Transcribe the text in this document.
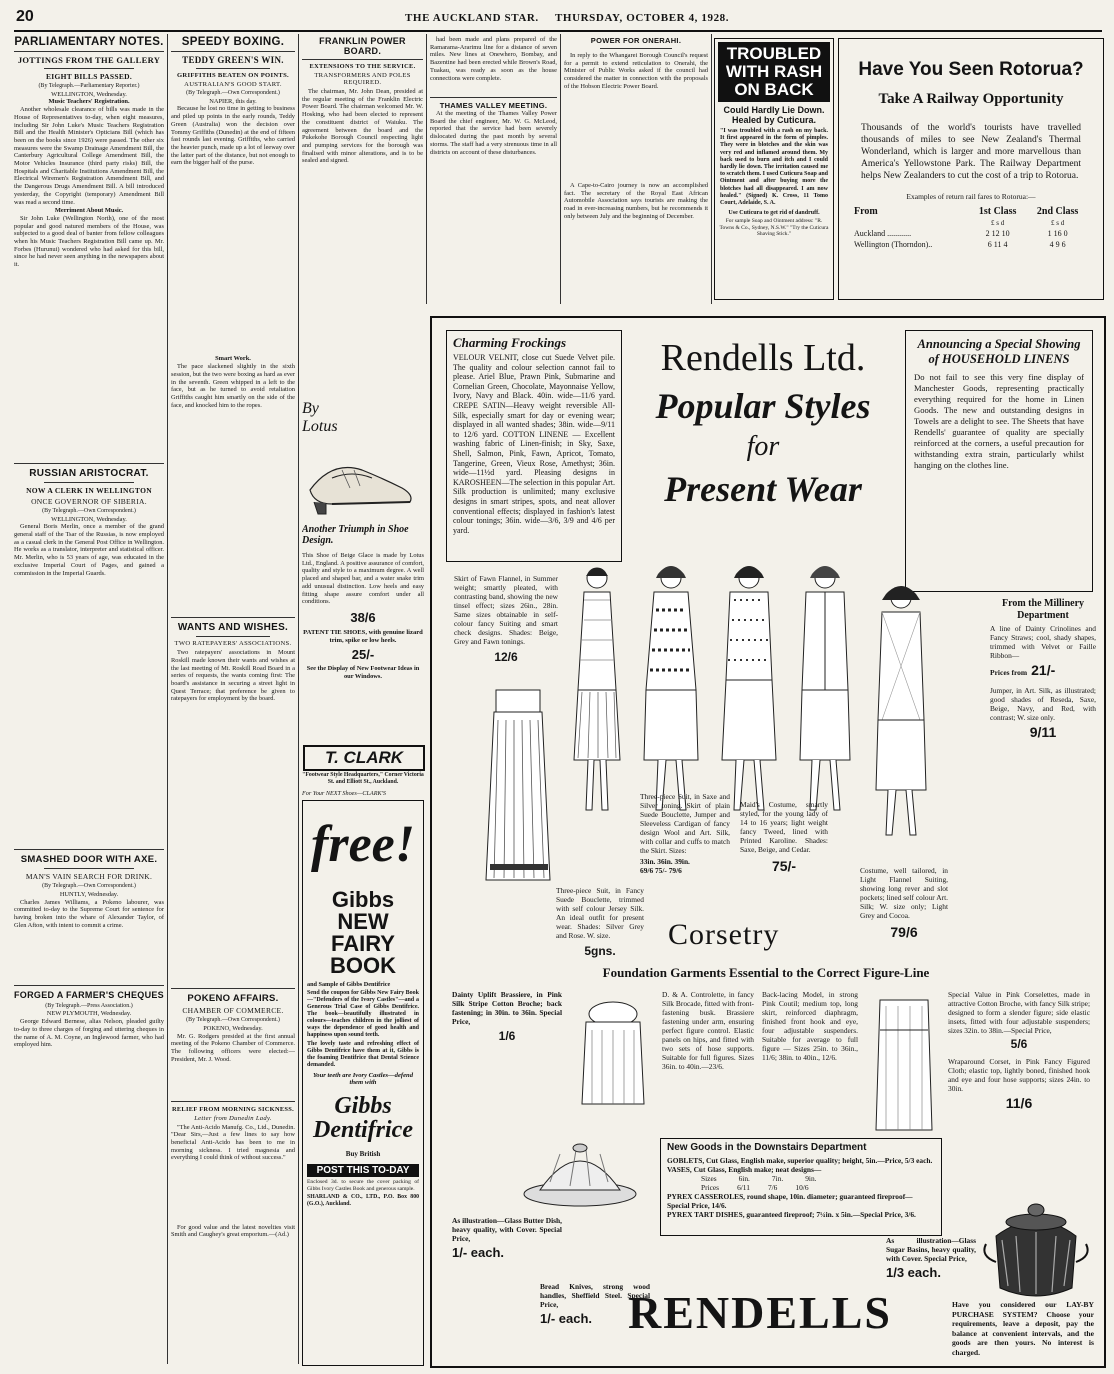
20	THE AUCKLAND STAR. THURSDAY, OCTOBER 4, 1928.
PARLIAMENTARY NOTES.
JOTTINGS FROM THE GALLERY
EIGHT BILLS PASSED.
(By Telegraph.—Parliamentary Reporter.)
WELLINGTON, Wednesday.
Music Teachers' Registration.

Another wholesale clearance of bills was made in the House of Representatives to-day, when eight measures, including Sir John Luke's Music Teachers Registration Bill and the Health Minister's Opticians Bill (which has been on the books since 1926) were passed. The other six measures were the Swamp Drainage Amendment Bill, the Canterbury Agricultural College Amendment Bill, the Motor Vehicles Insurance (third party risks) Bill, the Hospitals and Charitable Institutions Amendment Bill, the Electrical Wiremen's Registration Amendment Bill, and the Dangerous Drugs Amendment Bill. A bill introduced yesterday, the Copyright (temporary) Amendment Bill was read a second time.

Merriment About Music.

Sir John Luke (Wellington North), one of the most popular and good natured members of the House, was subjected to a good deal of banter from fellow colleagues when his Music Teachers Registration Bill came up. Mr. Forbes (Hurunui) wondered who had asked for this bill, since he had never seen anything in the newspapers about it.

RUSSIAN ARISTOCRAT.
NOW A CLERK IN WELLINGTON
ONCE GOVERNOR OF SIBERIA.
(By Telegraph.—Own Correspondent.)
WELLINGTON, Wednesday.

General Boris Merlin, once a member of the grand general staff of the Tsar of the Russias, is now employed as a casual clerk in the General Post Office in Wellington. He works as a translator, interpreter and statistical officer. Mr. Merlin, who is 53 years of age, was educated in the exclusive Imperial Court of Pages, and gained a commission in the Imperial Guards.

SMASHED DOOR WITH AXE.
MAN'S VAIN SEARCH FOR DRINK.
(By Telegraph.—Own Correspondent.)
HUNTLY, Wednesday.

Charles James Williams, a Pokeno labourer, was committed to-day to the Supreme Court for sentence for having broken into the whare of Alexander Taylor, of Glen Afton, with intent to commit a crime.

FORGED A FARMER'S CHEQUES
(By Telegraph.—Press Association.)
NEW PLYMOUTH, Wednesday.

George Edward Bernese, alias Nelson, pleaded guilty to-day to three charges of forging and uttering cheques in the name of A. M. Coyne, an Inglewood farmer, who had employed him.

SPEEDY BOXING.
TEDDY GREEN'S WIN.
GRIFFITHS BEATEN ON POINTS.
AUSTRALIAN'S GOOD START.
(By Telegraph.—Own Correspondent.)
NAPIER, this day.

Because he lost no time in getting to business and piled up points in the early rounds, Teddy Green (Australia) won the decision over Tommy Griffiths (Dunedin) at the end of fifteen fast rounds last evening. Griffiths, who carried the heavier punch, made up a lot of leeway over the latter part of the distance, but not enough to earn the bigger half of the purse.

Smart Work.

The pace slackened slightly in the sixth session, but the two were boxing as hard as ever in the seventh. Green whipped in a left to the face, but as he turned to avoid retaliation Griffiths caught him smartly on the side of the face, and knocked him to the ropes.

WANTS AND WISHES.
TWO RATEPAYERS' ASSOCIATIONS.

Two ratepayers' associations in Mount Roskill made known their wants and wishes at the last meeting of Mt. Roskill Road Board in a series of requests, the wants coming first: The board's assistance in securing a street light in Quest Terrace; that preference be given to ratepayers for employment by the board.

POKENO AFFAIRS.
CHAMBER OF COMMERCE.
(By Telegraph.—Own Correspondent.)
POKENO, Wednesday.

Mr. G. Rodgers presided at the first annual meeting of the Pokeno Chamber of Commerce. The following officers were elected:—President, Mr. J. Wood.

RELIEF FROM MORNING SICKNESS.
Letter from Dunedin Lady.

"The Anti-Acido Manufg. Co., Ltd., Dunedin. "Dear Sirs,—Just a few lines to say how beneficial Anti-Acido has been to me in morning sickness. I tried magnesia and everything I could think of without success."

For good value and the latest novelties visit Smith and Caughey's great emporium.—(Ad.)

FRANKLIN POWER BOARD.
EXTENSIONS TO THE SERVICE.
TRANSFORMERS AND POLES REQUIRED.

The chairman, Mr. John Dean, presided at the regular meeting of the Franklin Electric Power Board. The chairman welcomed Mr. W. Hosking, who had been elected to represent the constituent district of Waiuku. The agreement between the board and the Pukekohe Borough Council respecting light and pumping services for the borough was finalised with minor alterations, and is to be sealed and signed.

had been made and plans prepared of the Ramarama-Ararimu line for a distance of seven miles. New lines at Onewhero, Bombay, and Bazentine had been erected while Brown's Road, Tuakau, was ready as soon as the house connections were complete.

THAMES VALLEY MEETING.

At the meeting of the Thames Valley Power Board the chief engineer, Mr. W. G. McLeod, reported that the service had been severely dislocated during the past month by several storms. The staff had a very strenuous time in all districts on account of these disturbances.

POWER FOR ONERAHI.

In reply to the Whangarei Borough Council's request for a permit to extend reticulation to Onerahi, the Minister of Public Works asked if the council had considered the matter in connection with the proposals of the Hobson Electric Power Board.

A Cape-to-Cairo journey is now an accomplished fact. The secretary of the Royal East African Automobile Association says tourists are making the road in ever-increasing numbers, but he recommends it only between July and the beginning of December.

TROUBLED WITH RASH ON BACK
Could Hardly Lie Down. Healed by Cuticura.
"I was troubled with a rash on my back. It first appeared in the form of pimples. They were in blotches and the skin was very red and inflamed around them. My back used to burn and itch and I could hardly lie down. The irritation caused me to scratch them. I used Cuticura Soap and Ointment and after buying more the blotches had all disappeared. I am now healed." (Signed) K. Cross, 11 Tomo Court, Adelaide, S. A.
Use Cuticura to get rid of dandruff.
For sample Soap and Ointment address: "R. Towns & Co., Sydney, N.S.W." "Try the Cuticura Shaving Stick."
Have You Seen Rotorua?
Take A Railway Opportunity
Thousands of the world's tourists have travelled thousands of miles to see New Zealand's Thermal Wonderland, which is larger and more marvellous than America's Yellowstone Park. The Railway Department helps New Zealanders to cut the cost of a trip to Rotorua.
Examples of return rail fares to Rotorua:—
From	1st Class	2nd Class
	£ s d	£ s d
Auckland ............	2 12 10	1 16 0
Wellington (Thorndon)..	6 11 4	4 9 6
By
Lotus
Another Triumph in Shoe Design.
This Shoe of Beige Glace is made by Lotus Ltd., England. A positive assurance of comfort, quality and style to a maximum degree. A well placed and shaped bar, and a water snake trim add unusual distinction. Low heels and easy fitting shape assure comfort under all conditions.
38/6
PATENT TIE SHOES, with genuine lizard trim, spike or low heels.
25/-
See the Display of New Footwear Ideas in our Windows.
T. CLARK
"Footwear Style Headquarters," Corner Victoria St. and Elliott St., Auckland.
For Your NEXT Shoes—CLARK'S
free!
Gibbs NEW FAIRY BOOK
and Sample of Gibbs Dentifrice
Send the coupon for Gibbs New Fairy Book—"Defenders of the Ivory Castles"—and a Generous Trial Case of Gibbs Dentifrice. The book—beautifully illustrated in colours—teaches children in the jolliest of ways the dependence of good health and happiness upon sound teeth.
The lovely taste and refreshing effect of Gibbs Dentifrice have them at it, Gibbs is the foaming Dentifrice that Dental Science demanded.
Your teeth are Ivory Castles—defend them with
Gibbs Dentifrice
Buy British
POST THIS TO-DAY
Enclosed 3d. to secure the cover packing of Gibbs Ivory Castles Book and generous sample.
SHARLAND & CO., LTD., P.O. Box 800 (G.O.), Auckland.
Charming Frockings
VELOUR VELNIT, close cut Suede Velvet pile. The quality and colour selection cannot fail to please. Ariel Blue, Prawn Pink, Submarine and Cornelian Green, Chocolate, Mayonnaise Yellow, Ivory, Navy and Black. 40in. wide—11/6 yard. CREPE SATIN—Heavy weight reversible All-Silk, especially smart for day or evening wear; displayed in all wanted shades; 38in. wide—9/11 to 12/6 yard. COTTON LINENE — Excellent washing fabric of Linen-finish; in Sky, Saxe, Shell, Salmon, Pink, Fawn, Apricot, Tomato, Tangerine, Green, Vieux Rose, Amethyst; 36in. wide—11½d yard. Pleasing designs in KAROSHEEN—The selection in this popular Art. Silk production is unlimited; many exclusive designs in smart stripes, spots, and neat allover conventional effects; displayed in fashion's latest colour tonings; 36in. wide—3/6, 3/9 and 4/6 per yard.
Rendells Ltd.
Popular Styles
for
Present Wear
Announcing a Special Showing of HOUSEHOLD LINENS
Do not fail to see this very fine display of Manchester Goods, representing practically everything required for the home in Linen Goods. The new and outstanding designs in Towels are a delight to see. The Sheets that have Rendells' guarantee of quality are specially reinforced at the corners, a useful precaution for withstanding extra strain, particularly whilst hanging on the clothes line.
Skirt of Fawn Flannel, in Summer weight; smartly pleated, with contrasting band, showing the new tinsel effect; sizes 26in., 28in. Same sizes obtainable in self-colour fancy Suiting and smart check designs. Shades: Beige, Grey and Fawn tonings.
12/6
From the Millinery Department
A line of Dainty Crinolines and Fancy Straws; cool, shady shapes, trimmed with Velvet or Faille Ribbon—
Prices from 21/-
Jumper, in Art. Silk, as illustrated; good shades of Reseda, Saxe, Beige, Navy, and Red, with contrast; W. size only.
9/11
Three-piece Suit, in Saxe and Silver toning. Skirt of plain Suede Bouclette, Jumper and Sleeveless Cardigan of fancy design Wool and Art. Silk, with collar and cuffs to match the Skirt. Sizes:
33in. 36in. 39in.
69/6 75/- 79/6
Three-piece Suit, in Fancy Suede Bouclette, trimmed with self colour Jersey Silk. An ideal outfit for present wear. Shades: Silver Grey and Rose. W. size.
5gns.
Maid's Costume, smartly styled, for the young lady of 14 to 16 years; light weight fancy Tweed, lined with Printed Karoline. Shades: Saxe, Beige, and Cedar.
75/-	Costume, well tailored, in Light Flannel Suiting, showing long rever and slot pockets; lined self colour Art. Silk; W. size only; Light Grey and Cocoa.
79/6
Corsetry
Foundation Garments Essential to the Correct Figure-Line
Dainty Uplift Brassiere, in Pink Silk Stripe Cotton Broche; back fastening; in 30in. to 36in. Special Price,
1/6
D. & A. Controlette, in fancy Silk Brocade, fitted with front-fastening busk. Brassiere fastening under arm, ensuring perfect figure control. Elastic panels on hips, and fitted with two sets of hose supports. Suitable for full figures. Sizes 36in. to 40in.—23/6.
Back-lacing Model, in strong Pink Coutil; medium top, long skirt, reinforced diaphragm, finished front hook and eye, four adjustable suspenders. Suitable for average to full figure — Sizes 25in. to 36in., 11/6; 38in. to 40in., 12/6.
Special Value in Pink Corselettes, made in attractive Cotton Broche, with fancy Silk stripe; designed to form a slender figure; side elastic insets, fitted with four adjustable suspenders; sizes 32in. to 38in.—Special Price,
5/6
Wraparound Corset, in Pink Fancy Figured Cloth; elastic top, lightly boned, finished hook and eye and four hose supports; sizes 24in. to 30in.
11/6
New Goods in the Downstairs Department
GOBLETS, Cut Glass, English make, superior quality; height, 5in.—Price, 5/3 each.
VASES, Cut Glass, English make; neat designs—
Sizes	6in.	7in.	9in.
Prices 6/11 7/6 10/6
PYREX CASSEROLES, round shape, 10in. diameter; guaranteed fireproof—Special Price, 14/6.
PYREX TART DISHES, guaranteed fireproof; 7¼in. x 5in.—Special Price, 3/6.
As illustration—Glass Butter Dish, heavy quality, with Cover. Special Price,
1/- each.
Bread Knives, strong wood handles, Sheffield Steel. Special Price,
1/- each.
As illustration—Glass Sugar Basins, heavy quality, with Cover. Special Price,
1/3 each.
RENDELLS	Have you considered our LAY-BY PURCHASE SYSTEM? Choose your requirements, leave a deposit, pay the balance at convenient intervals, and the goods are then yours. No interest is charged.
